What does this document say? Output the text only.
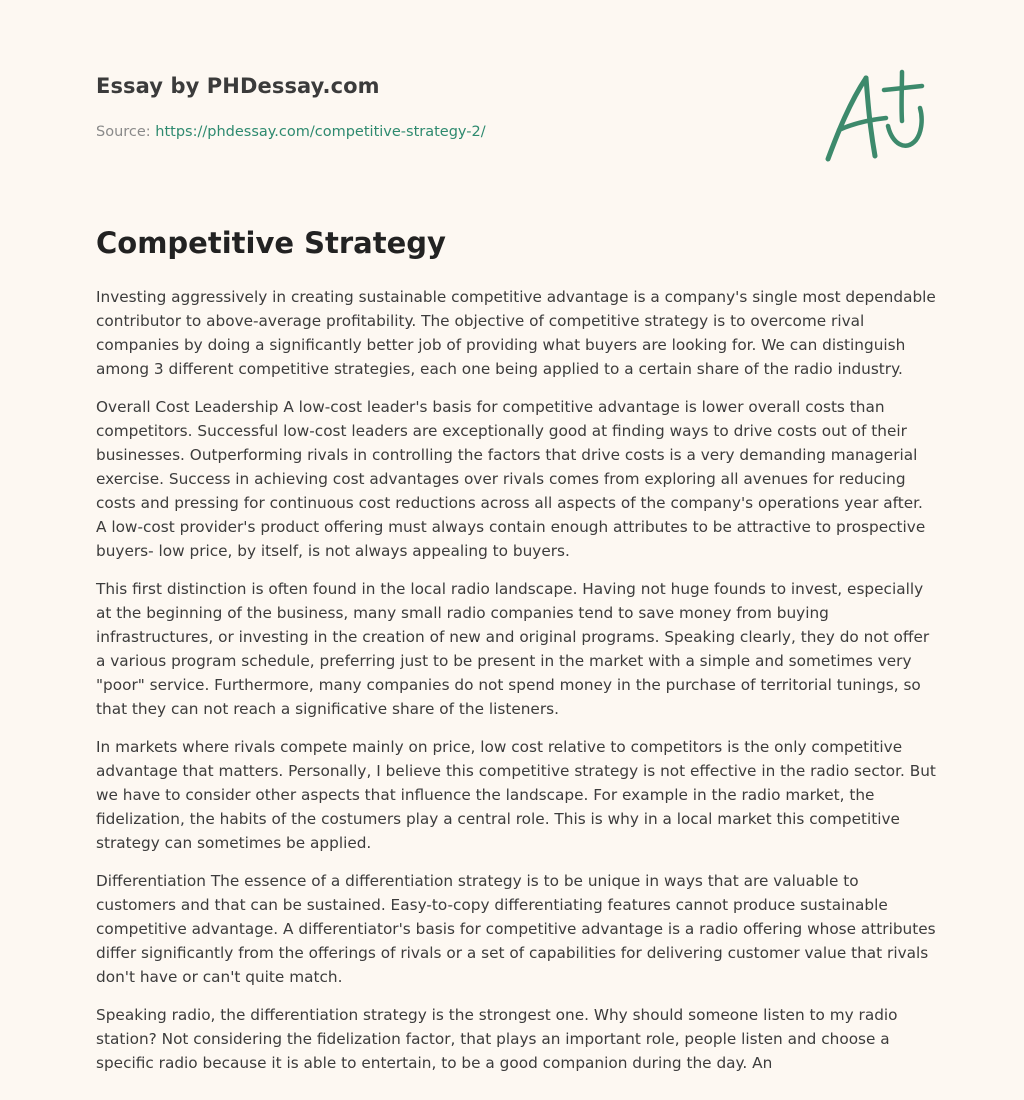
Essay by PHDessay.com

Source: https://phdessay.com/competitive-strategy-2/

Competitive Strategy

Investing aggressively in creating sustainable competitive advantage is a company's single most dependable contributor to above-average profitability. The objective of competitive strategy is to overcome rival companies by doing a significantly better job of providing what buyers are looking for. We can distinguish among 3 different competitive strategies, each one being applied to a certain share of the radio industry.

Overall Cost Leadership A low-cost leader's basis for competitive advantage is lower overall costs than competitors. Successful low-cost leaders are exceptionally good at finding ways to drive costs out of their businesses. Outperforming rivals in controlling the factors that drive costs is a very demanding managerial exercise. Success in achieving cost advantages over rivals comes from exploring all avenues for reducing costs and pressing for continuous cost reductions across all aspects of the company's operations year after. A low-cost provider's product offering must always contain enough attributes to be attractive to prospective buyers- low price, by itself, is not always appealing to buyers.

This first distinction is often found in the local radio landscape. Having not huge founds to invest, especially at the beginning of the business, many small radio companies tend to save money from buying infrastructures, or investing in the creation of new and original programs. Speaking clearly, they do not offer a various program schedule, preferring just to be present in the market with a simple and sometimes very "poor" service. Furthermore, many companies do not spend money in the purchase of territorial tunings, so that they can not reach a significative share of the listeners.

In markets where rivals compete mainly on price, low cost relative to competitors is the only competitive advantage that matters. Personally, I believe this competitive strategy is not effective in the radio sector. But we have to consider other aspects that influence the landscape. For example in the radio market, the fidelization, the habits of the costumers play a central role. This is why in a local market this competitive strategy can sometimes be applied.

Differentiation The essence of a differentiation strategy is to be unique in ways that are valuable to customers and that can be sustained. Easy-to-copy differentiating features cannot produce sustainable competitive advantage. A differentiator's basis for competitive advantage is a radio offering whose attributes differ significantly from the offerings of rivals or a set of capabilities for delivering customer value that rivals don't have or can't quite match.

Speaking radio, the differentiation strategy is the strongest one. Why should someone listen to my radio station? Not considering the fidelization factor, that plays an important role, people listen and choose a specific radio because it is able to entertain, to be a good companion during the day. An
